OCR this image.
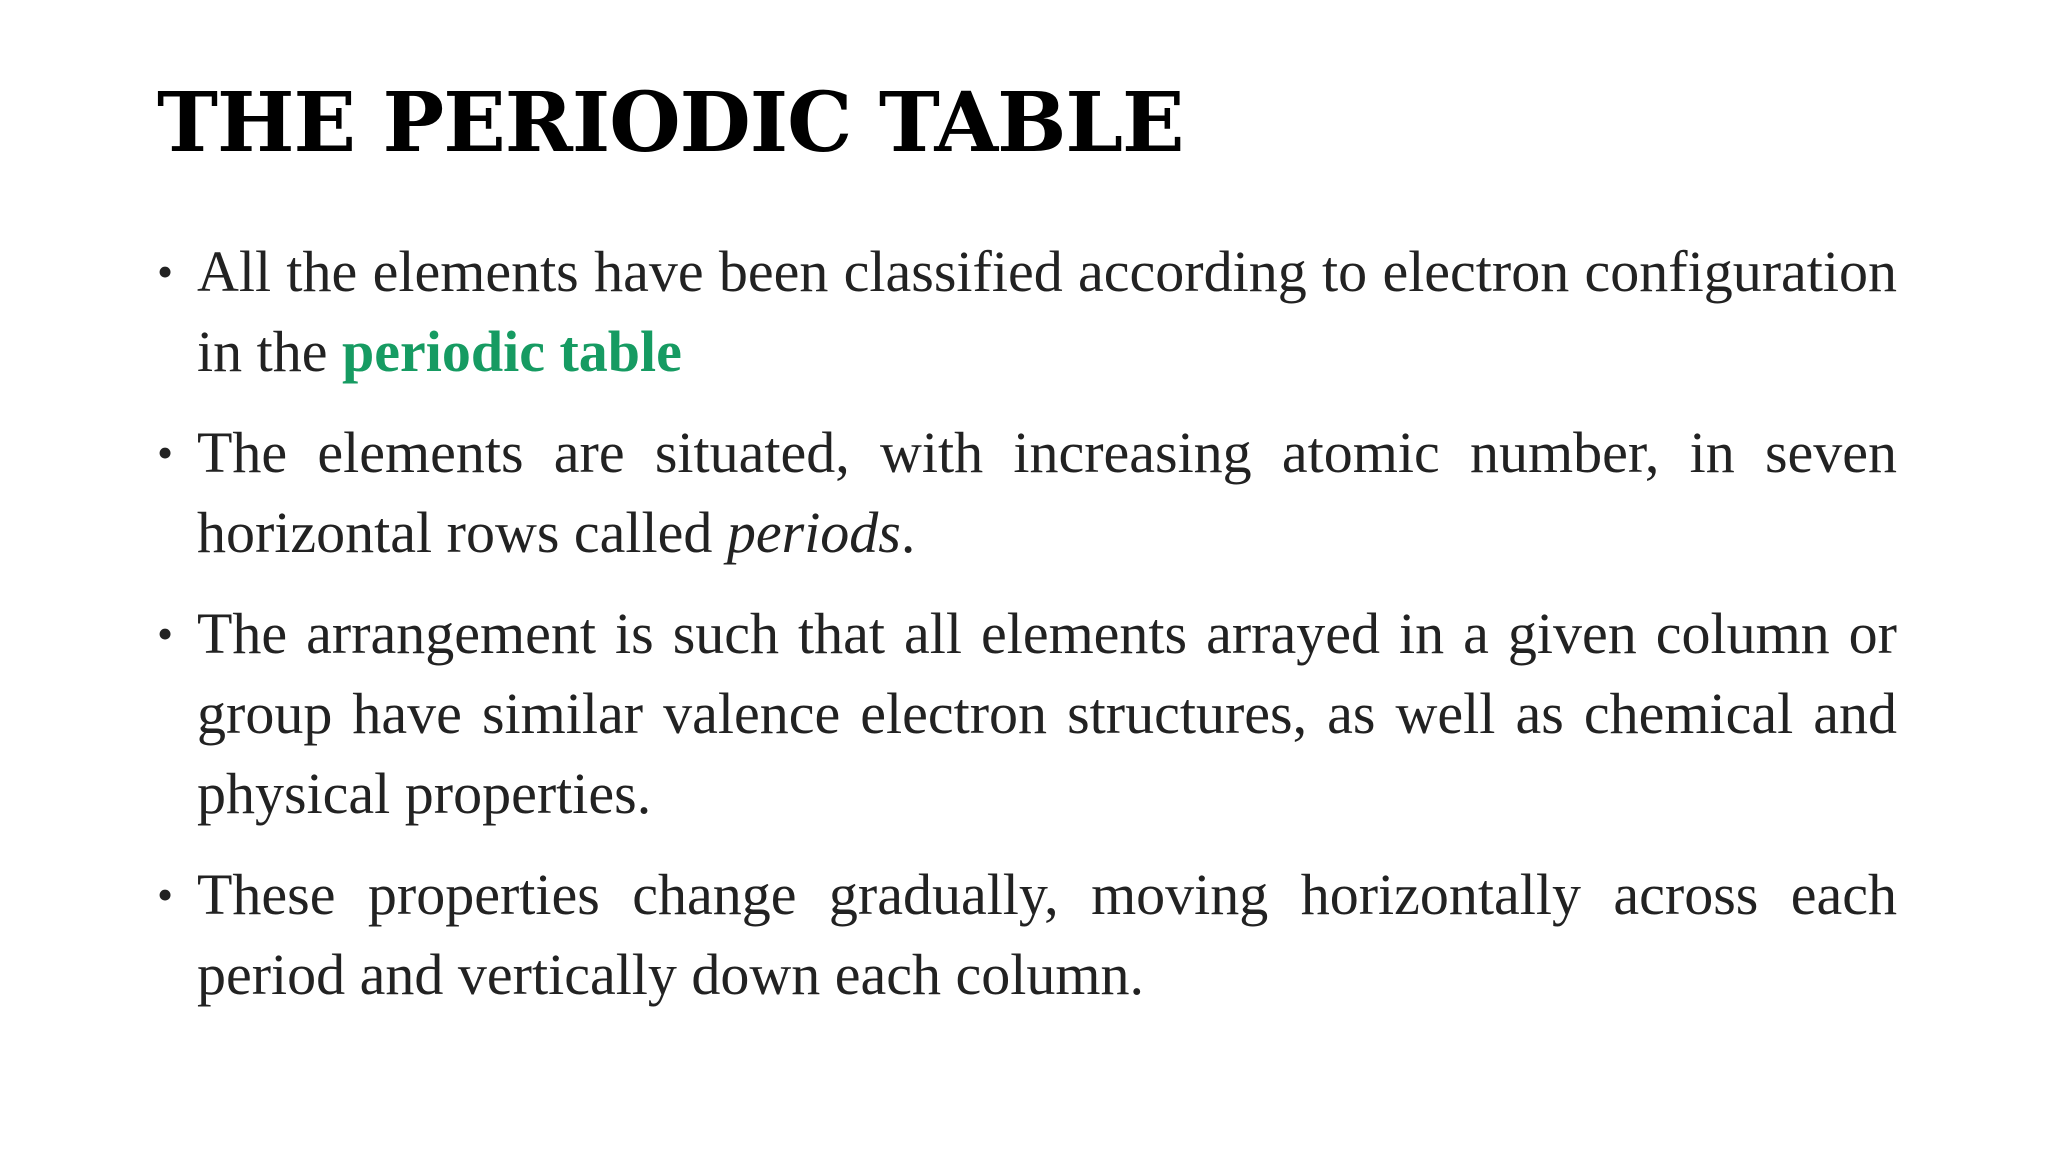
THE PERIODIC TABLE
• All the elements have been classified according to electron configuration in the periodic table
• The elements are situated, with increasing atomic number, in seven horizontal rows called periods.
• The arrangement is such that all elements arrayed in a given column or group have similar valence electron structures, as well as chemical and physical properties.
• These properties change gradually, moving horizontally across each period and vertically down each column.
